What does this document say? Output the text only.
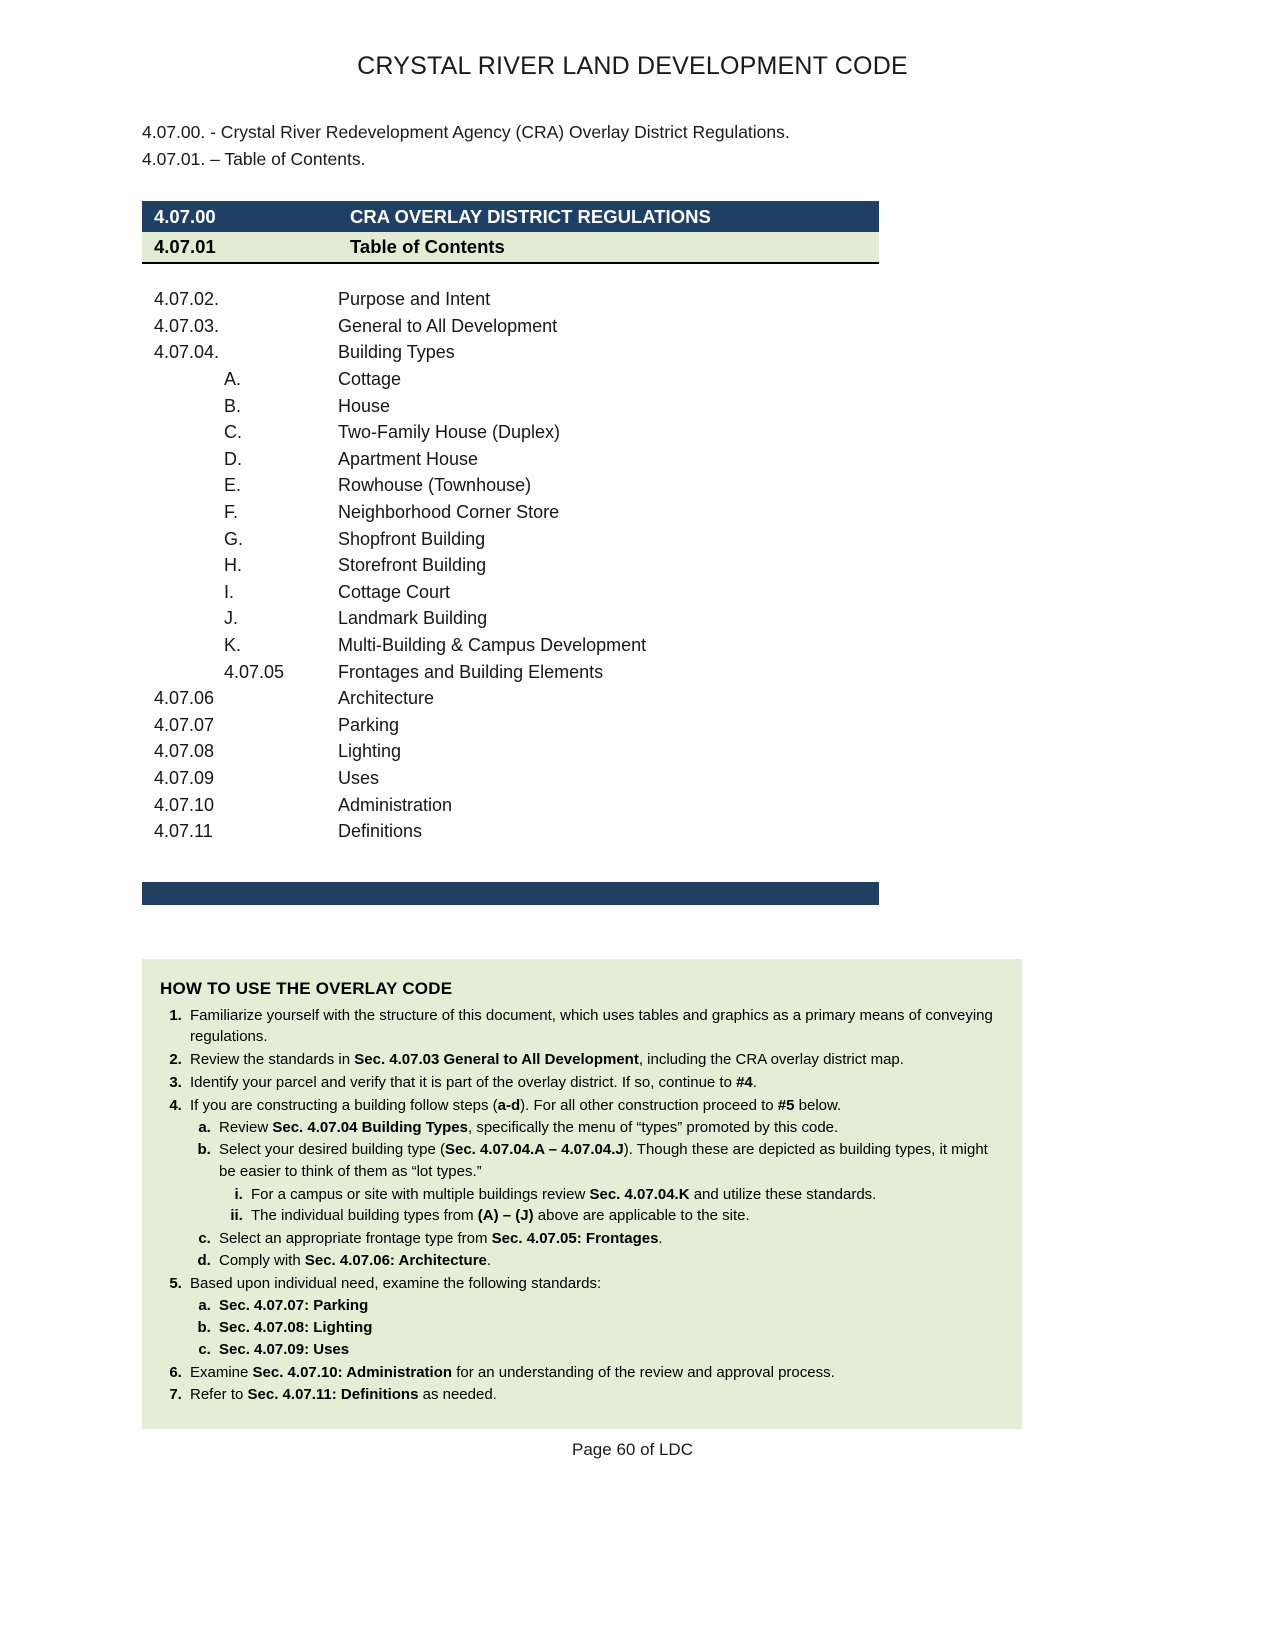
CRYSTAL RIVER LAND DEVELOPMENT CODE
4.07.00. - Crystal River Redevelopment Agency (CRA) Overlay District Regulations.
4.07.01. – Table of Contents.
4.07.00	CRA OVERLAY DISTRICT REGULATIONS
4.07.01	Table of Contents
4.07.02.	Purpose and Intent
4.07.03.	General to All Development
4.07.04.	Building Types
A.	Cottage
B.	House
C.	Two-Family House (Duplex)
D.	Apartment House
E.	Rowhouse (Townhouse)
F.	Neighborhood Corner Store
G.	Shopfront Building
H.	Storefront Building
I.	Cottage Court
J.	Landmark Building
K.	Multi-Building & Campus Development
4.07.05	Frontages and Building Elements
4.07.06	Architecture
4.07.07	Parking
4.07.08	Lighting
4.07.09	Uses
4.07.10	Administration
4.07.11	Definitions
HOW TO USE THE OVERLAY CODE
1. Familiarize yourself with the structure of this document, which uses tables and graphics as a primary means of conveying regulations.
2. Review the standards in Sec. 4.07.03 General to All Development, including the CRA overlay district map.
3. Identify your parcel and verify that it is part of the overlay district. If so, continue to #4.
4. If you are constructing a building follow steps (a-d). For all other construction proceed to #5 below.
a. Review Sec. 4.07.04 Building Types, specifically the menu of “types” promoted by this code.
b. Select your desired building type (Sec. 4.07.04.A – 4.07.04.J). Though these are depicted as building types, it might be easier to think of them as “lot types.”
i. For a campus or site with multiple buildings review Sec. 4.07.04.K and utilize these standards.
ii. The individual building types from (A) – (J) above are applicable to the site.
c. Select an appropriate frontage type from Sec. 4.07.05: Frontages.
d. Comply with Sec. 4.07.06: Architecture.
5. Based upon individual need, examine the following standards:
a. Sec. 4.07.07: Parking
b. Sec. 4.07.08: Lighting
c. Sec. 4.07.09: Uses
6. Examine Sec. 4.07.10: Administration for an understanding of the review and approval process.
7. Refer to Sec. 4.07.11: Definitions as needed.
Page 60 of LDC
